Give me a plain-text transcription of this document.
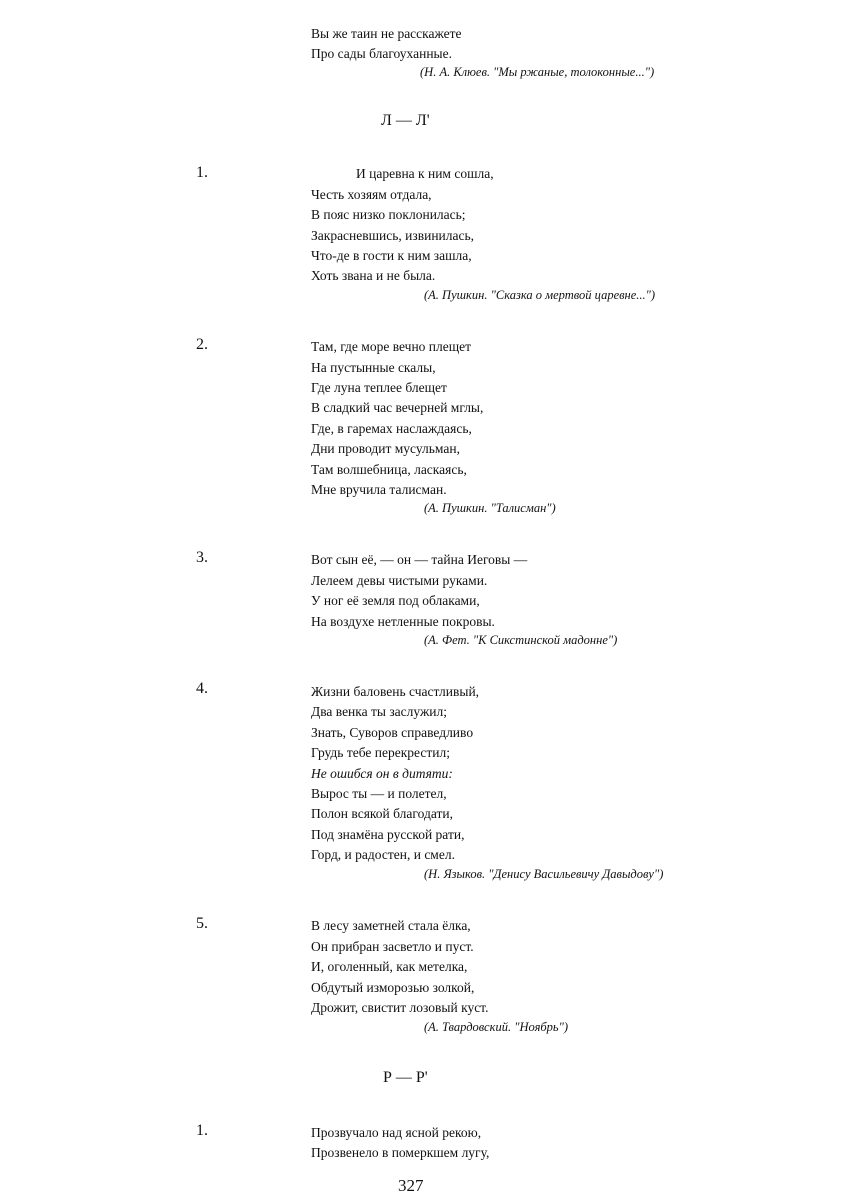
Вы же таин не расскажете
Про сады благоуханные.
(Н. А. Клюев. "Мы ржаные, толоконные...")
Л — Л'
1.	И царевна к ним сошла,
Честь хозяям отдала,
В пояс низко поклонилась;
Закрасневшись, извинилась,
Что-де в гости к ним зашла,
Хоть звана и не была.
(А. Пушкин. "Сказка о мертвой царевне...")
2.	Там, где море вечно плещет
На пустынные скалы,
Где луна теплее блещет
В сладкий час вечерней мглы,
Где, в гаремах наслаждаясь,
Дни проводит мусульман,
Там волшебница, ласкаясь,
Мне вручила талисман.
(А. Пушкин. "Талисман")
3.	Вот сын её, — он — тайна Иеговы —
Лелеем девы чистыми руками.
У ног её земля под облаками,
На воздухе нетленные покровы.
(А. Фет. "К Сикстинской мадонне")
4.	Жизни баловень счастливый,
Два венка ты заслужил;
Знать, Суворов справедливо
Грудь тебе перекрестил;
Не ошибся он в дитяти:
Вырос ты — и полетел,
Полон всякой благодати,
Под знамёна русской рати,
Горд, и радостен, и смел.
(Н. Языков. "Денису Васильевичу Давыдову")
5.	В лесу заметней стала ёлка,
Он прибран засветло и пуст.
И, оголенный, как метелка,
Обдутый изморозью золкой,
Дрожит, свистит лозовый куст.
(А. Твардовский. "Ноябрь")
Р — Р'
1.	Прозвучало над ясной рекою,
Прозвенело в померкшем лугу,
327
